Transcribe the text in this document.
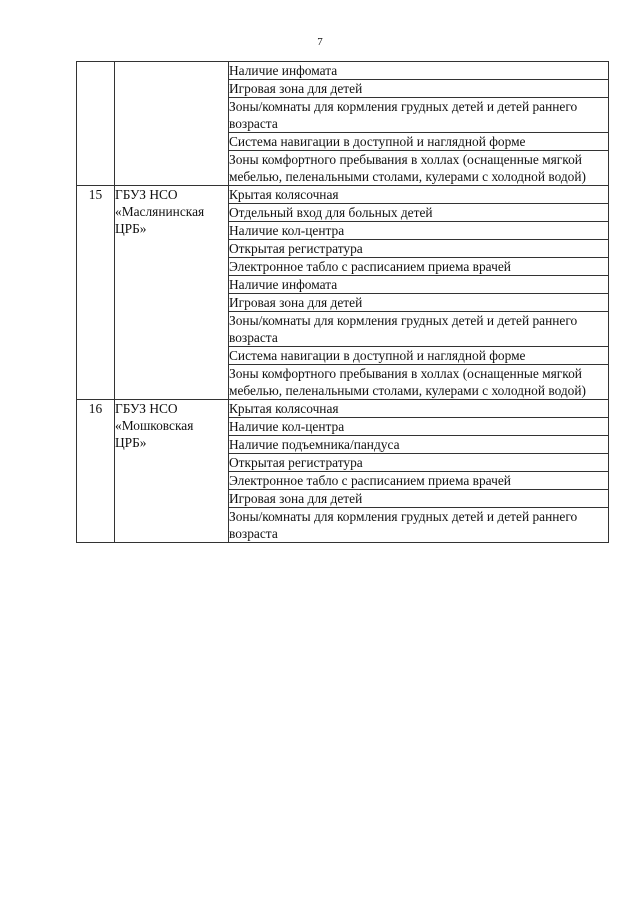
7

		Наличие инфомата

		Игровая зона для детей

		Зоны/комнаты для кормления грудных детей и детей раннего возраста

		Система навигации в доступной и наглядной форме

		Зоны комфортного пребывания в холлах (оснащенные мягкой мебелью, пеленальными столами, кулерами с холодной водой)

15	ГБУЗ НСО «Маслянинская ЦРБ»	Крытая колясочная

		Отдельный вход для больных детей

		Наличие кол-центра

		Открытая регистратура

		Электронное табло с расписанием приема врачей

		Наличие инфомата

		Игровая зона для детей

		Зоны/комнаты для кормления грудных детей и детей раннего возраста

		Система навигации в доступной и наглядной форме

		Зоны комфортного пребывания в холлах (оснащенные мягкой мебелью, пеленальными столами, кулерами с холодной водой)

16	ГБУЗ НСО «Мошковская ЦРБ»	Крытая колясочная

		Наличие кол-центра

		Наличие подъемника/пандуса

		Открытая регистратура

		Электронное табло с расписанием приема врачей

		Игровая зона для детей

		Зоны/комнаты для кормления грудных детей и детей раннего возраста
